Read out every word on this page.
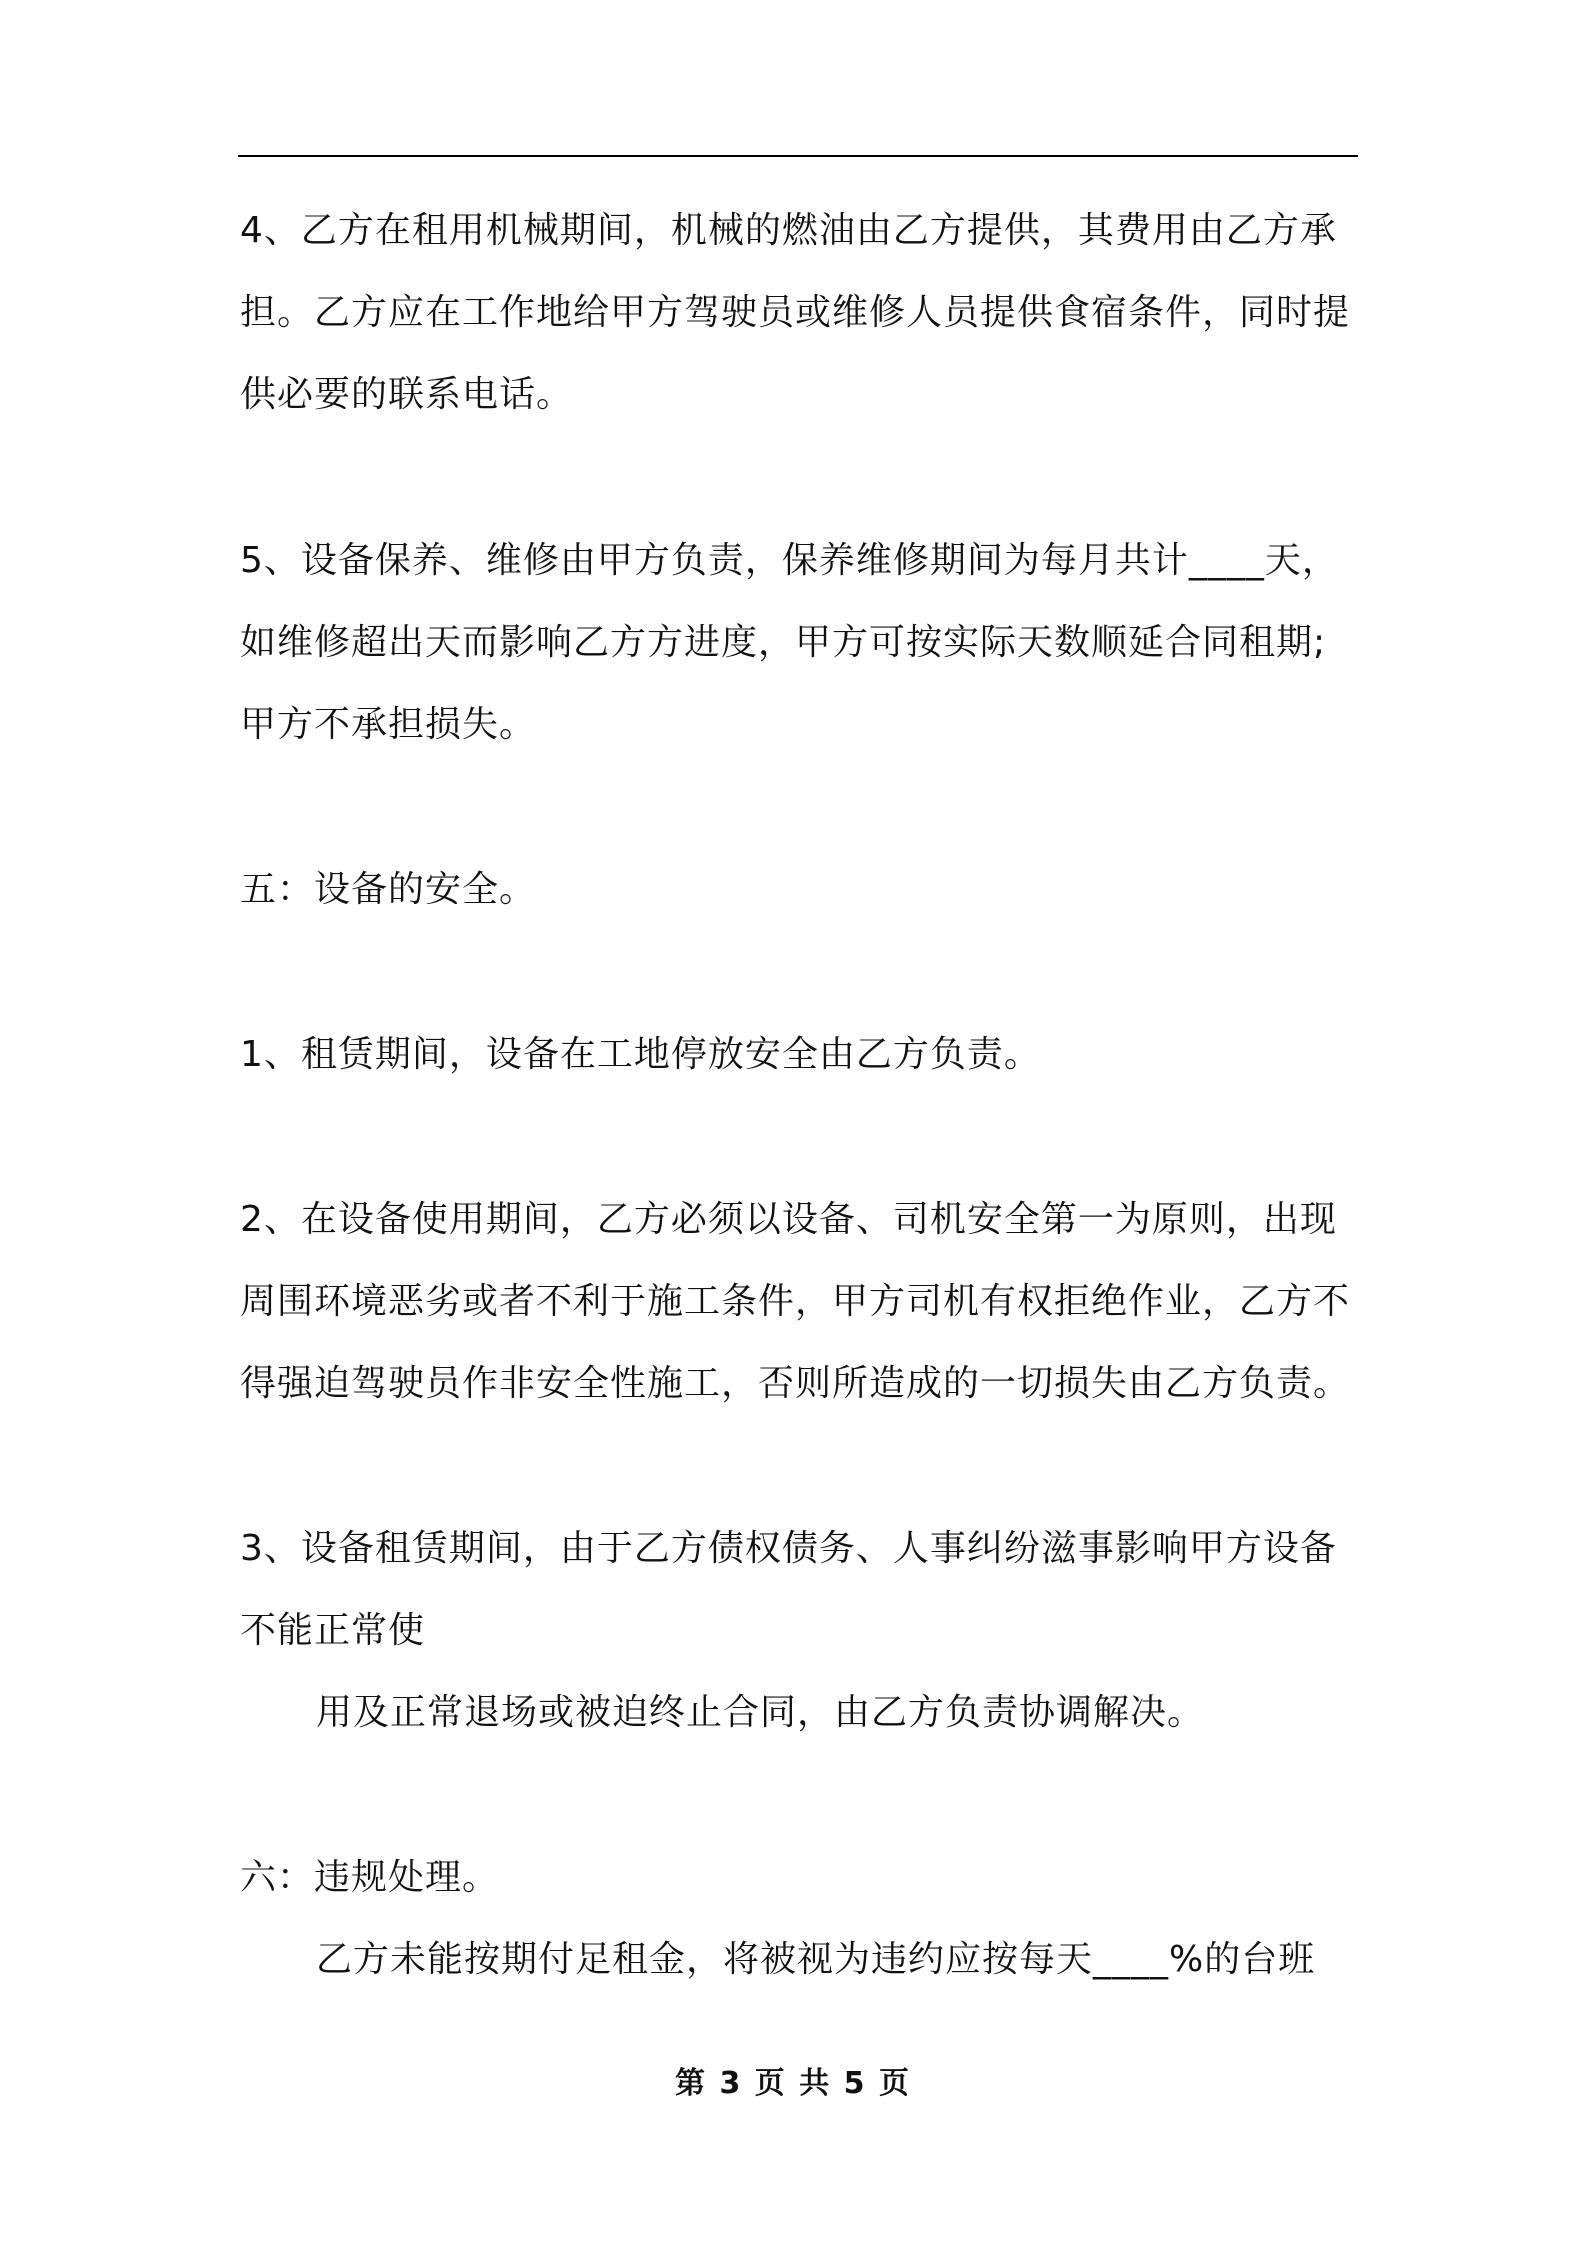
4、乙方在租用机械期间，机械的燃油由乙方提供，其费用由乙方承担。乙方应在工作地给甲方驾驶员或维修人员提供食宿条件，同时提供必要的联系电话。

5、设备保养、维修由甲方负责，保养维修期间为每月共计____天，如维修超出天而影响乙方方进度，甲方可按实际天数顺延合同租期;甲方不承担损失。

五：设备的安全。

1、租赁期间，设备在工地停放安全由乙方负责。

2、在设备使用期间，乙方必须以设备、司机安全第一为原则，出现周围环境恶劣或者不利于施工条件，甲方司机有权拒绝作业，乙方不得强迫驾驶员作非安全性施工，否则所造成的一切损失由乙方负责。

3、设备租赁期间，由于乙方债权债务、人事纠纷滋事影响甲方设备不能正常使

用及正常退场或被迫终止合同，由乙方负责协调解决。

六：违规处理。

乙方未能按期付足租金，将被视为违约应按每天____%的台班

第 3 页 共 5 页
